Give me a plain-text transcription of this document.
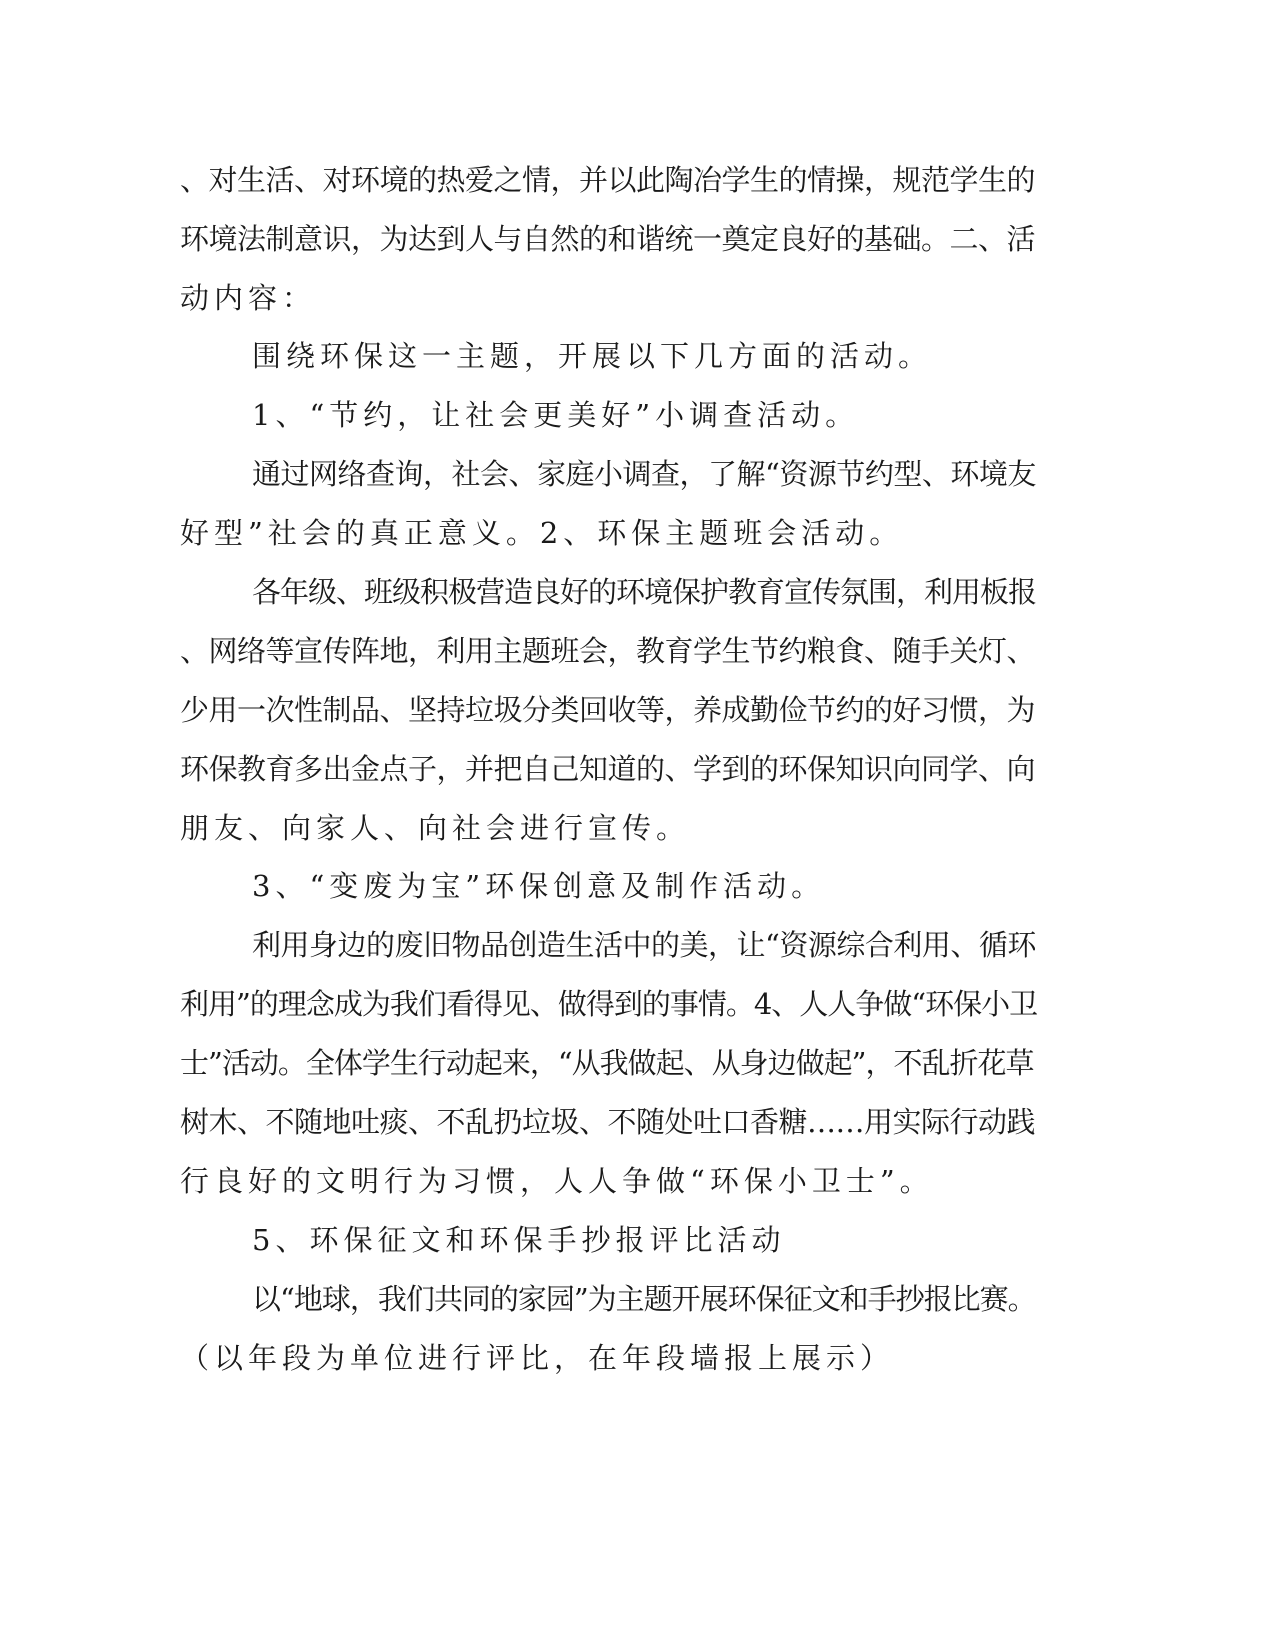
、对生活、对环境的热爱之情，并以此陶冶学生的情操，规范学生的
环境法制意识，为达到人与自然的和谐统一奠定良好的基础。二、活
动内容：
围绕环保这一主题，开展以下几方面的活动。
1、“节约，让社会更美好”小调查活动。
通过网络查询，社会、家庭小调查，了解“资源节约型、环境友
好型”社会的真正意义。2、环保主题班会活动。
各年级、班级积极营造良好的环境保护教育宣传氛围，利用板报
、网络等宣传阵地，利用主题班会，教育学生节约粮食、随手关灯、
少用一次性制品、坚持垃圾分类回收等，养成勤俭节约的好习惯，为
环保教育多出金点子，并把自己知道的、学到的环保知识向同学、向
朋友、向家人、向社会进行宣传。
3、“变废为宝”环保创意及制作活动。
利用身边的废旧物品创造生活中的美，让“资源综合利用、循环
利用”的理念成为我们看得见、做得到的事情。4、人人争做“环保小卫
士”活动。全体学生行动起来，“从我做起、从身边做起”，不乱折花草
树木、不随地吐痰、不乱扔垃圾、不随处吐口香糖……用实际行动践
行良好的文明行为习惯，人人争做“环保小卫士”。
5、环保征文和环保手抄报评比活动
以“地球，我们共同的家园”为主题开展环保征文和手抄报比赛。
（以年段为单位进行评比，在年段墙报上展示）
